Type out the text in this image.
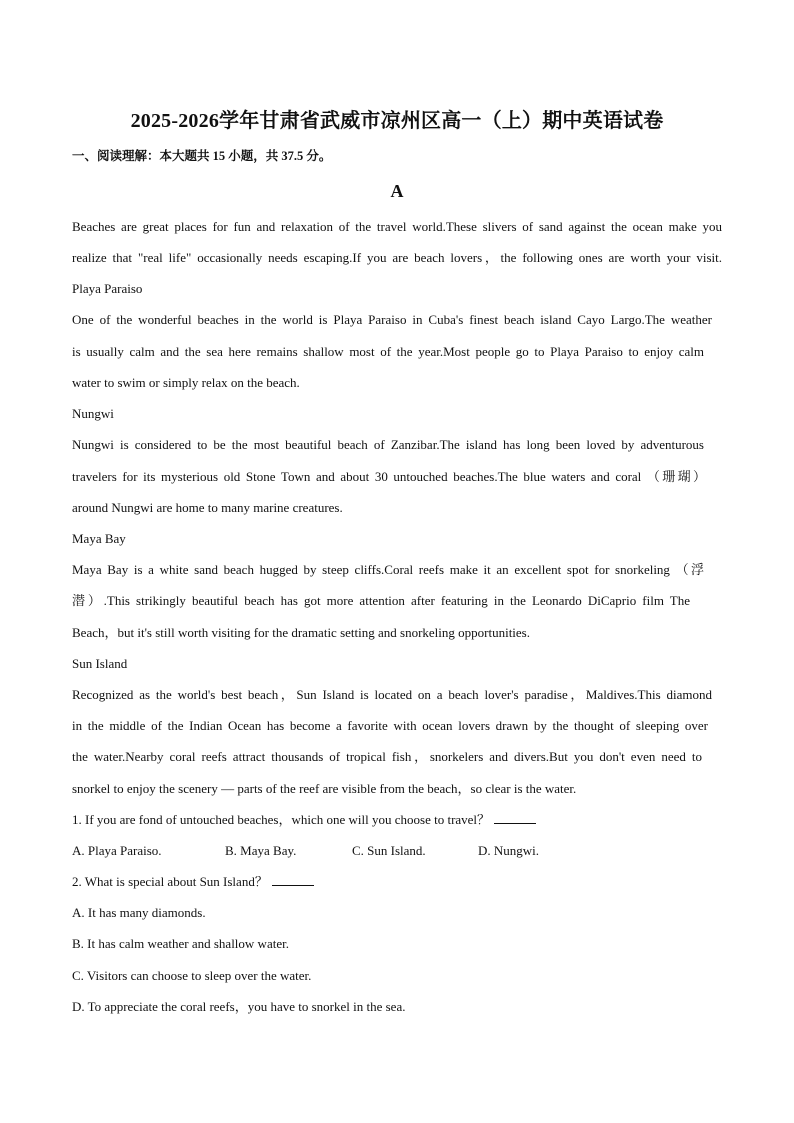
2025-2026学年甘肃省武威市凉州区高一（上）期中英语试卷
一、阅读理解：本大题共 15 小题，共 37.5 分。
A
Beaches are great places for fun and relaxation of the travel world.These slivers of sand against the ocean make you
realize that "real life" occasionally needs escaping.If you are beach lovers，the following ones are worth your visit.
Playa Paraiso
One of the wonderful beaches in the world is Playa Paraiso in Cuba's finest beach island Cayo Largo.The weather
is usually calm and the sea here remains shallow most of the year.Most people go to Playa Paraiso to enjoy calm
water to swim or simply relax on the beach.
Nungwi
Nungwi is considered to be the most beautiful beach of Zanzibar.The island has long been loved by adventurous
travelers for its mysterious old Stone Town and about 30 untouched beaches.The blue waters and coral （珊瑚）
around Nungwi are home to many marine creatures.
Maya Bay
Maya Bay is a white sand beach hugged by steep cliffs.Coral reefs make it an excellent spot for snorkeling （浮
潜）.This strikingly beautiful beach has got more attention after featuring in the Leonardo DiCaprio film The
Beach，but it's still worth visiting for the dramatic setting and snorkeling opportunities.
Sun Island
Recognized as the world's best beach，Sun Island is located on a beach lover's paradise，Maldives.This diamond
in the middle of the Indian Ocean has become a favorite with ocean lovers drawn by the thought of sleeping over
the water.Nearby coral reefs attract thousands of tropical fish，snorkelers and divers.But you don't even need to
snorkel to enjoy the scenery — parts of the reef are visible from the beach，so clear is the water.
1. If you are fond of untouched beaches，which one will you choose to travel？
A. Playa Paraiso.	B. Maya Bay.	C. Sun Island.	D. Nungwi.
2. What is special about Sun Island？
A. It has many diamonds.
B. It has calm weather and shallow water.
C. Visitors can choose to sleep over the water.
D. To appreciate the coral reefs，you have to snorkel in the sea.
